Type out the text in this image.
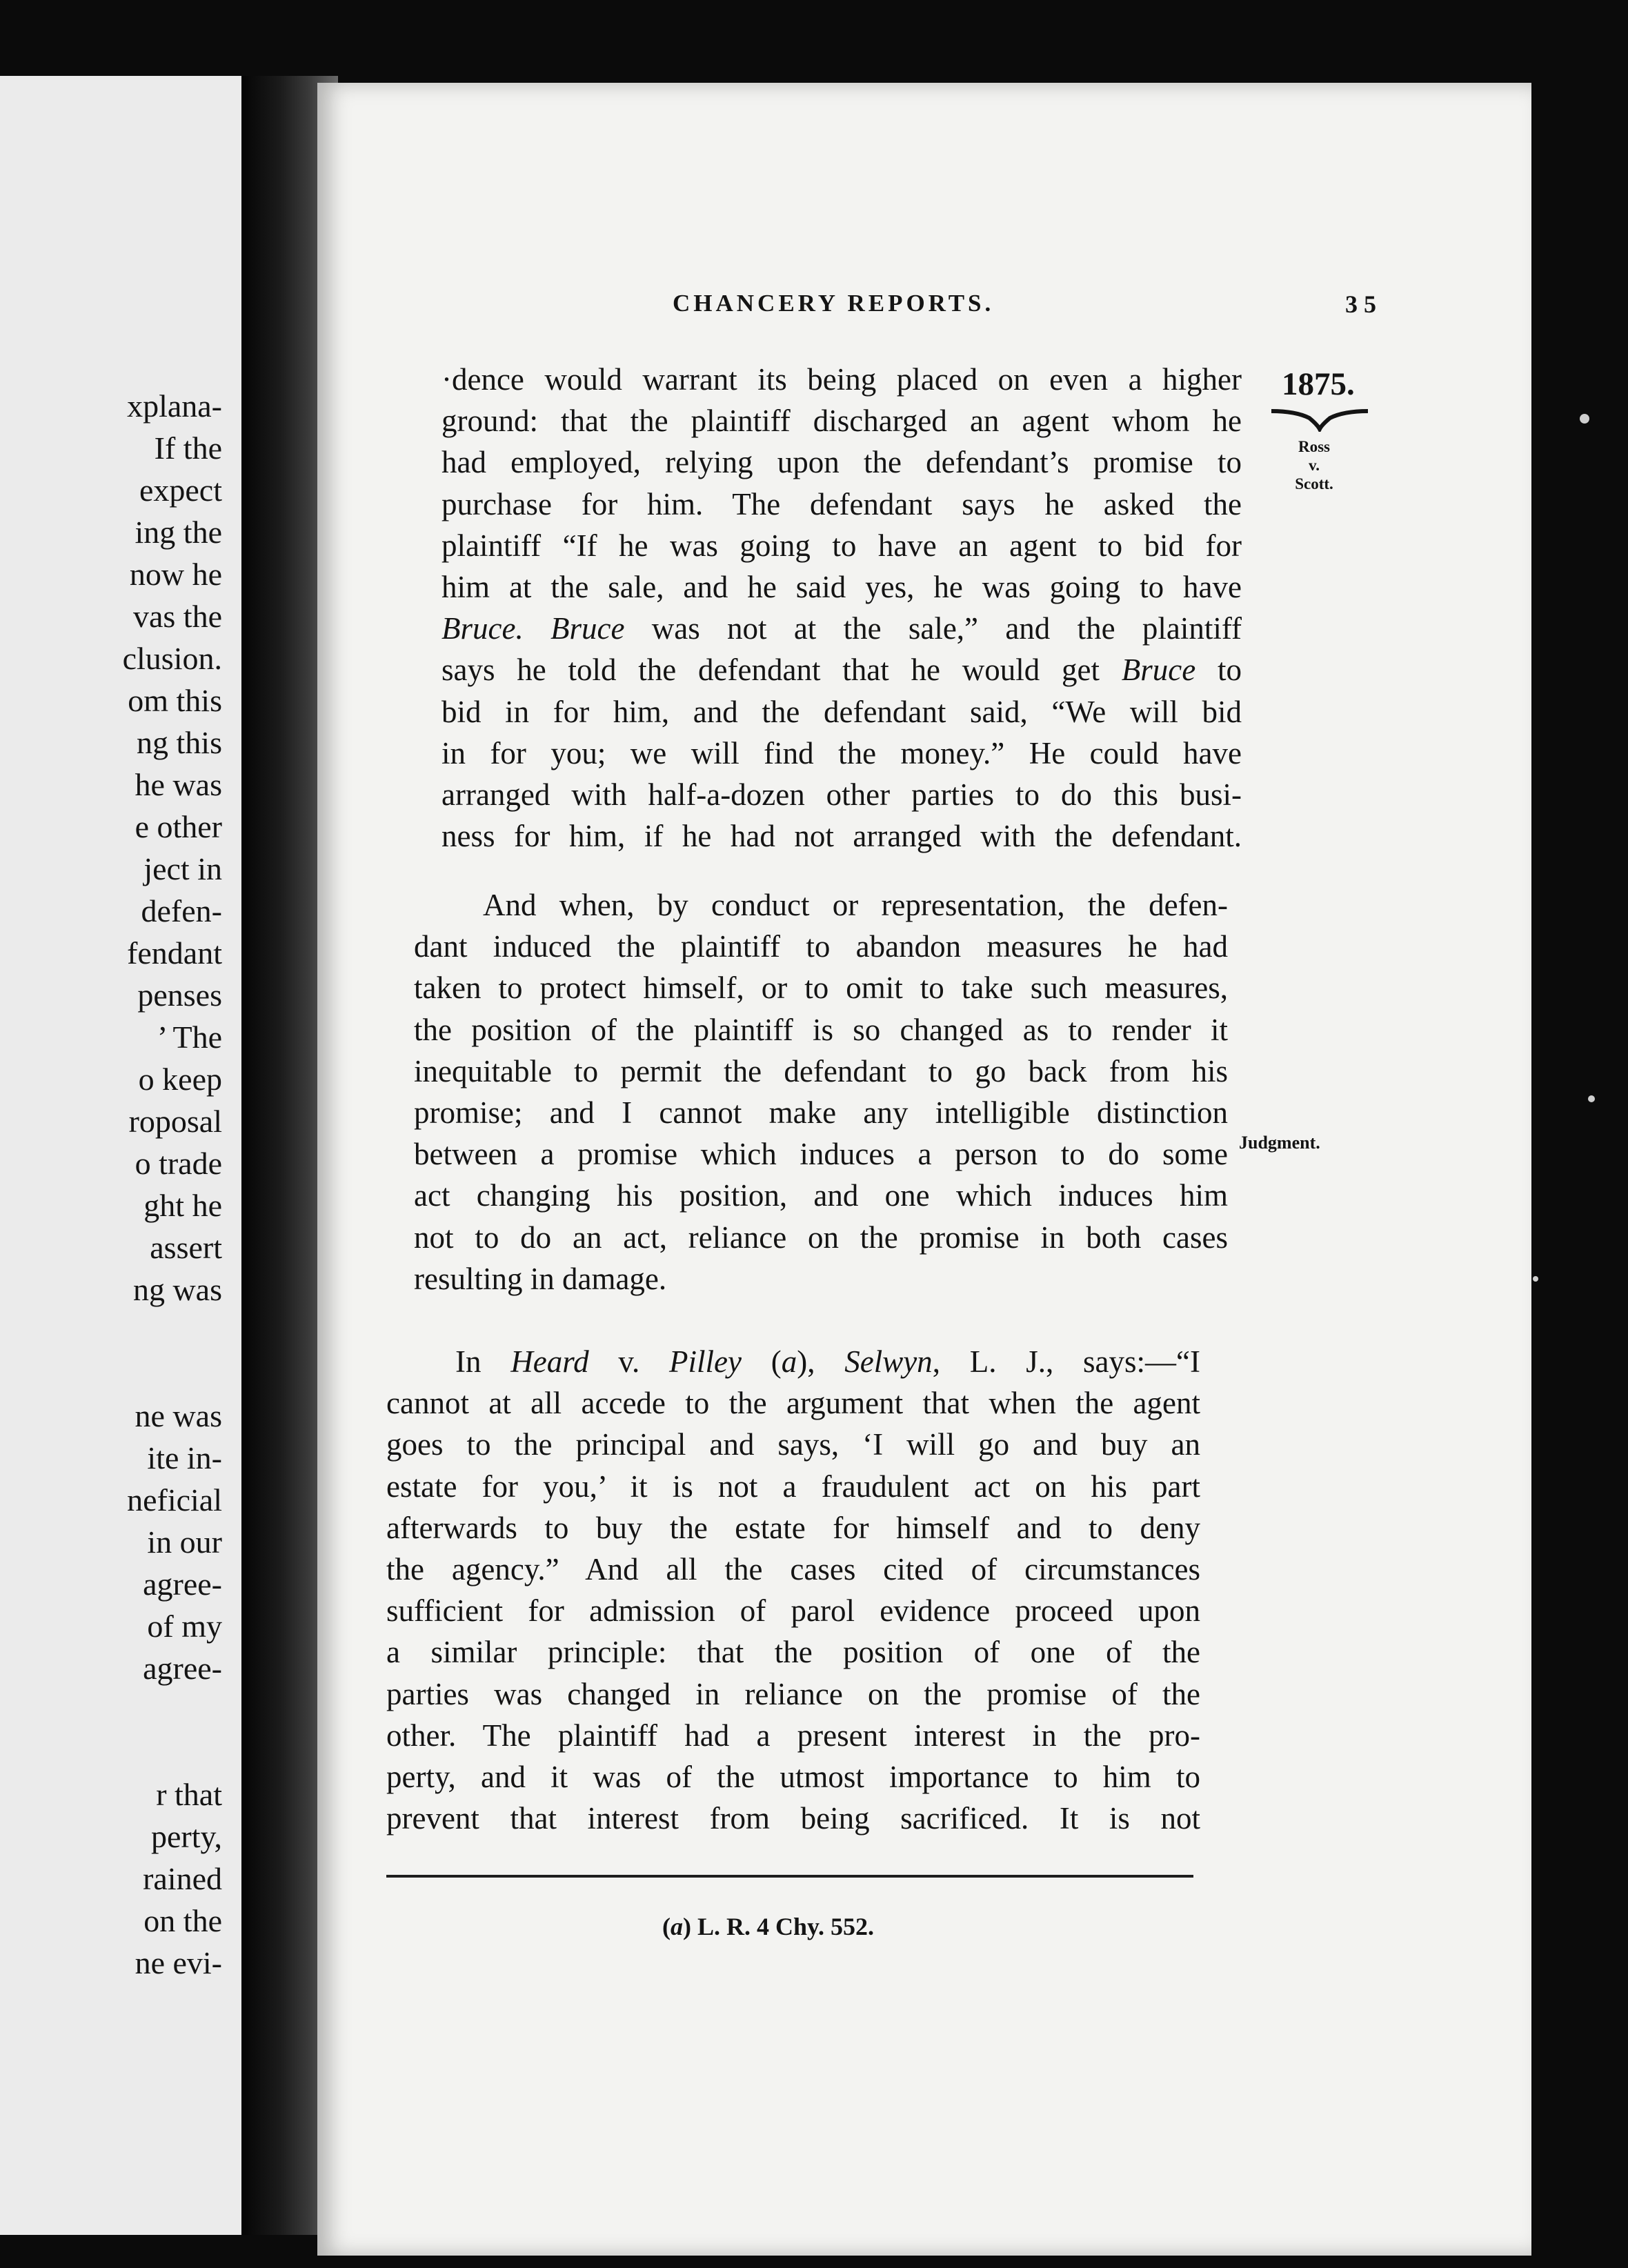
xplana-
If the
expect
ing the
now he
vas the
clusion.
om this
ng this
he was
e other
ject in
defen-
fendant
penses
’ The
o keep
roposal
o trade
ght he
assert
ng was
ne was
ite in-
neficial
in our
agree-
of my
agree-
r that
perty,
rained
on the
ne evi-
CHANCERY REPORTS.	3 5
1875.
Ross
v.
Scott.
Judgment.
·dence would warrant its being placed on even a higher
ground: that the plaintiff discharged an agent whom he
had employed, relying upon the defendant’s promise to
purchase for him. The defendant says he asked the
plaintiff “If he was going to have an agent to bid for
him at the sale, and he said yes, he was going to have
Bruce. Bruce was not at the sale,” and the plaintiff
says he told the defendant that he would get Bruce to
bid in for him, and the defendant said, “We will bid
in for you; we will find the money.” He could have
arranged with half-a-dozen other parties to do this busi-
ness for him, if he had not arranged with the defendant.
And when, by conduct or representation, the defen-
dant induced the plaintiff to abandon measures he had
taken to protect himself, or to omit to take such measures,
the position of the plaintiff is so changed as to render it
inequitable to permit the defendant to go back from his
promise; and I cannot make any intelligible distinction
between a promise which induces a person to do some
act changing his position, and one which induces him
not to do an act, reliance on the promise in both cases
resulting in damage.
In Heard v. Pilley (a), Selwyn, L. J., says:—“I
cannot at all accede to the argument that when the agent
goes to the principal and says, ‘I will go and buy an
estate for you,’ it is not a fraudulent act on his part
afterwards to buy the estate for himself and to deny
the agency.” And all the cases cited of circumstances
sufficient for admission of parol evidence proceed upon
a similar principle: that the position of one of the
parties was changed in reliance on the promise of the
other. The plaintiff had a present interest in the pro-
perty, and it was of the utmost importance to him to
prevent that interest from being sacrificed. It is not
(a) L. R. 4 Chy. 552.
